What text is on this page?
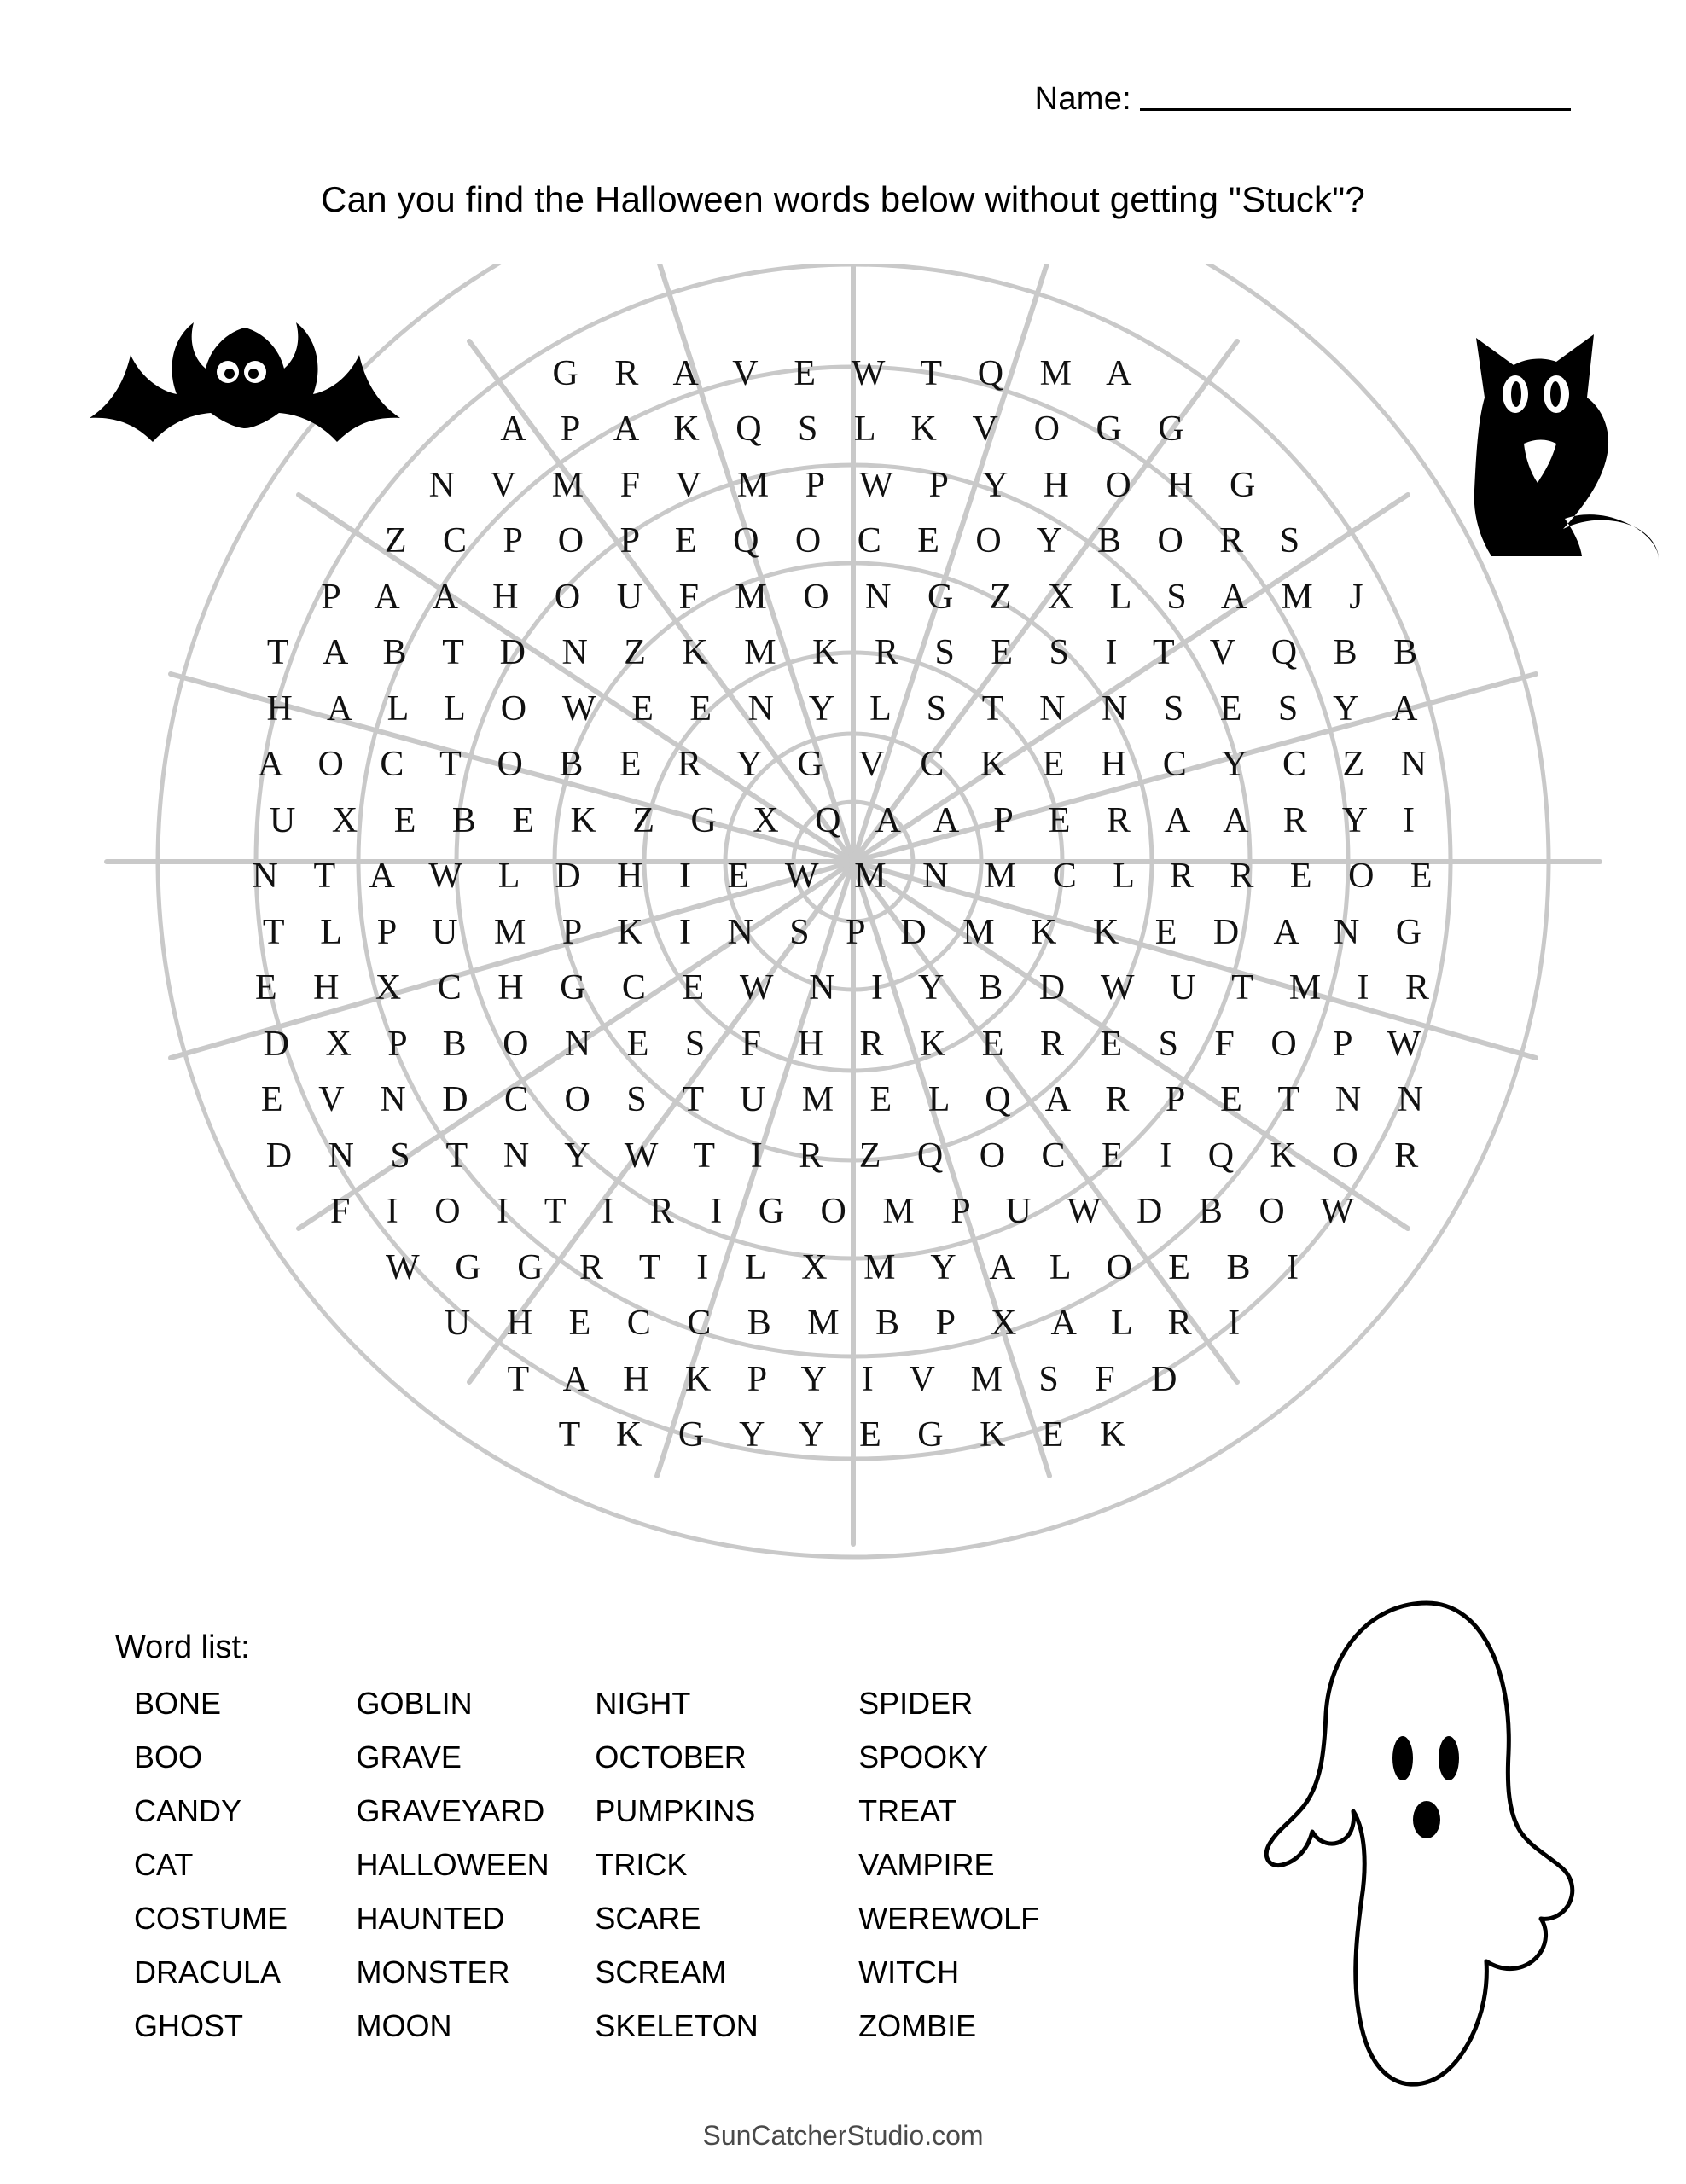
Name:
Can you find the Halloween words below without getting "Stuck"?
G R A V E W T Q M A
A P A K Q S L K V O G G
N V M F V M P W P Y H O H G
Z C P O P E Q O C E O Y B O R S
P A A H O U F M O N G Z X L S A M J
T A B T D N Z K M K R S E S I T V Q B B
H A L L O W E E N Y L S T N N S E S Y A
A O C T O B E R Y G V C K E H C Y C Z N
U X E B E K Z G X Q A A P E R A A R Y I
N T A W L D H I E W M N M C L R R E O E
T L P U M P K I N S P D M K K E D A N G
E H X C H G C E W N I Y B D W U T M I R
D X P B O N E S F H R K E R E S F O P W
E V N D C O S T U M E L Q A R P E T N N
D N S T N Y W T I R Z Q O C E I Q K O R
F I O I T I R I G O M P U W D B O W
W G G R T I L X M Y A L O E B I
U H E C C B M B P X A L R I
T A H K P Y I V M S F D
T K G Y Y E G K E K
Word list:
BONE
BOO
CANDY
CAT
COSTUME
DRACULA
GHOST
GOBLIN
GRAVE
GRAVEYARD
HALLOWEEN
HAUNTED
MONSTER
MOON
NIGHT
OCTOBER
PUMPKINS
TRICK
SCARE
SCREAM
SKELETON
SPIDER
SPOOKY
TREAT
VAMPIRE
WEREWOLF
WITCH
ZOMBIE
SunCatcherStudio.com
